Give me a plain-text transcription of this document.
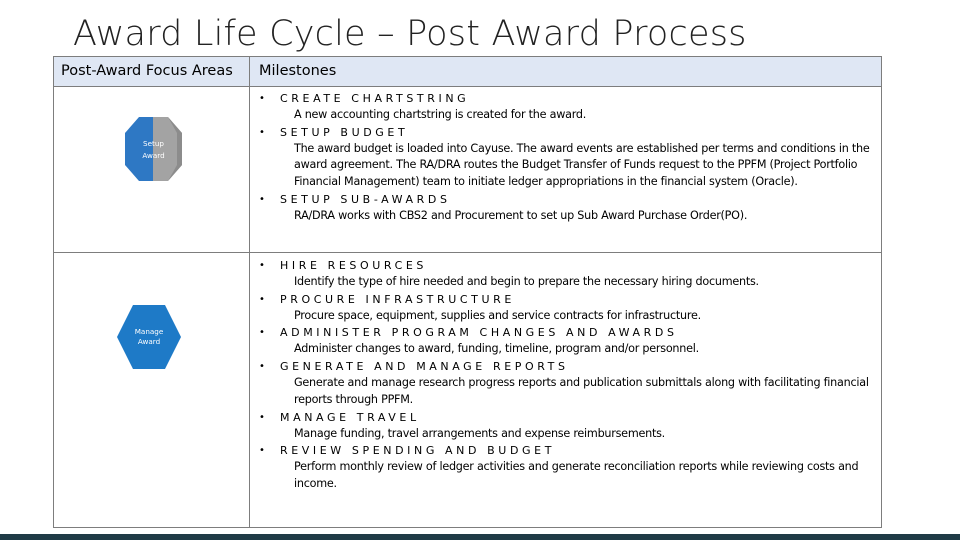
Award Life Cycle – Post Award Process
Post-Award Focus Areas Milestones
Setup
Award
• CREATE CHARTSTRING
A new accounting chartstring is created for the award.
• SETUP BUDGET
The award budget is loaded into Cayuse. The award events are established per terms and conditions in the award agreement. The RA/DRA routes the Budget Transfer of Funds request to the PPFM (Project Portfolio Financial Management) team to initiate ledger appropriations in the financial system (Oracle).
• SETUP SUB-AWARDS
RA/DRA works with CBS2 and Procurement to set up Sub Award Purchase Order(PO).
Manage
Award
• HIRE RESOURCES
Identify the type of hire needed and begin to prepare the necessary hiring documents.
• PROCURE INFRASTRUCTURE
Procure space, equipment, supplies and service contracts for infrastructure.
• ADMINISTER PROGRAM CHANGES AND AWARDS
Administer changes to award, funding, timeline, program and/or personnel.
• GENERATE AND MANAGE REPORTS
Generate and manage research progress reports and publication submittals along with facilitating financial reports through PPFM.
• MANAGE TRAVEL
Manage funding, travel arrangements and expense reimbursements.
• REVIEW SPENDING AND BUDGET
Perform monthly review of ledger activities and generate reconciliation reports while reviewing costs and income.
